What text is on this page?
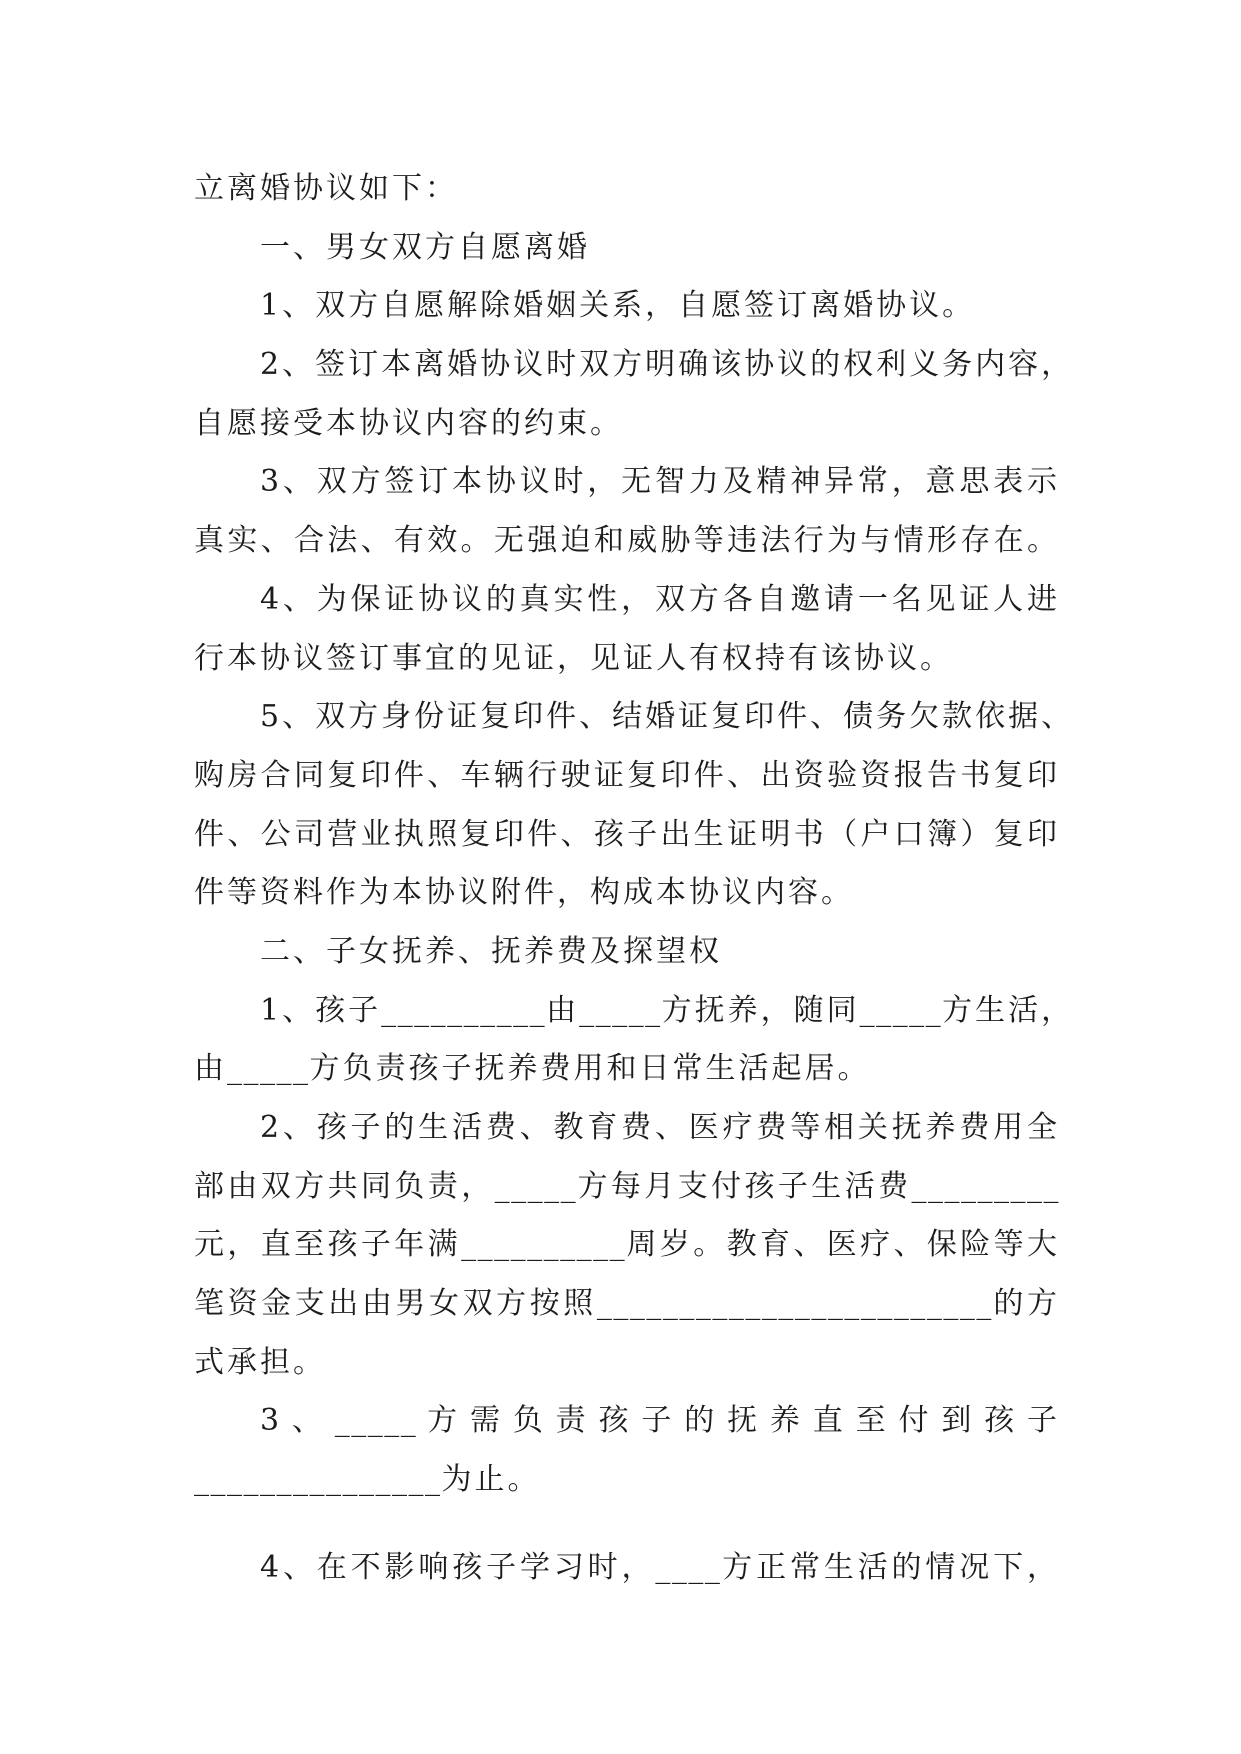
立离婚协议如下：
一、男女双方自愿离婚
1、双方自愿解除婚姻关系，自愿签订离婚协议。
2、签订本离婚协议时双方明确该协议的权利义务内容，
自愿接受本协议内容的约束。
3、双方签订本协议时，无智力及精神异常，意思表示
真实、合法、有效。无强迫和威胁等违法行为与情形存在。
4、为保证协议的真实性，双方各自邀请一名见证人进
行本协议签订事宜的见证，见证人有权持有该协议。
5、双方身份证复印件、结婚证复印件、债务欠款依据、
购房合同复印件、车辆行驶证复印件、出资验资报告书复印
件、公司营业执照复印件、孩子出生证明书（户口簿）复印
件等资料作为本协议附件，构成本协议内容。
二、子女抚养、抚养费及探望权
1、孩子__________由_____方抚养，随同_____方生活，
由_____方负责孩子抚养费用和日常生活起居。
2、孩子的生活费、教育费、医疗费等相关抚养费用全
部由双方共同负责，_____方每月支付孩子生活费_________
元，直至孩子年满__________周岁。教育、医疗、保险等大
笔资金支出由男女双方按照________________________的方
式承担。
3、_____方需负责孩子的抚养直至付到孩子
_______________为止。
4、在不影响孩子学习时，____方正常生活的情况下，
